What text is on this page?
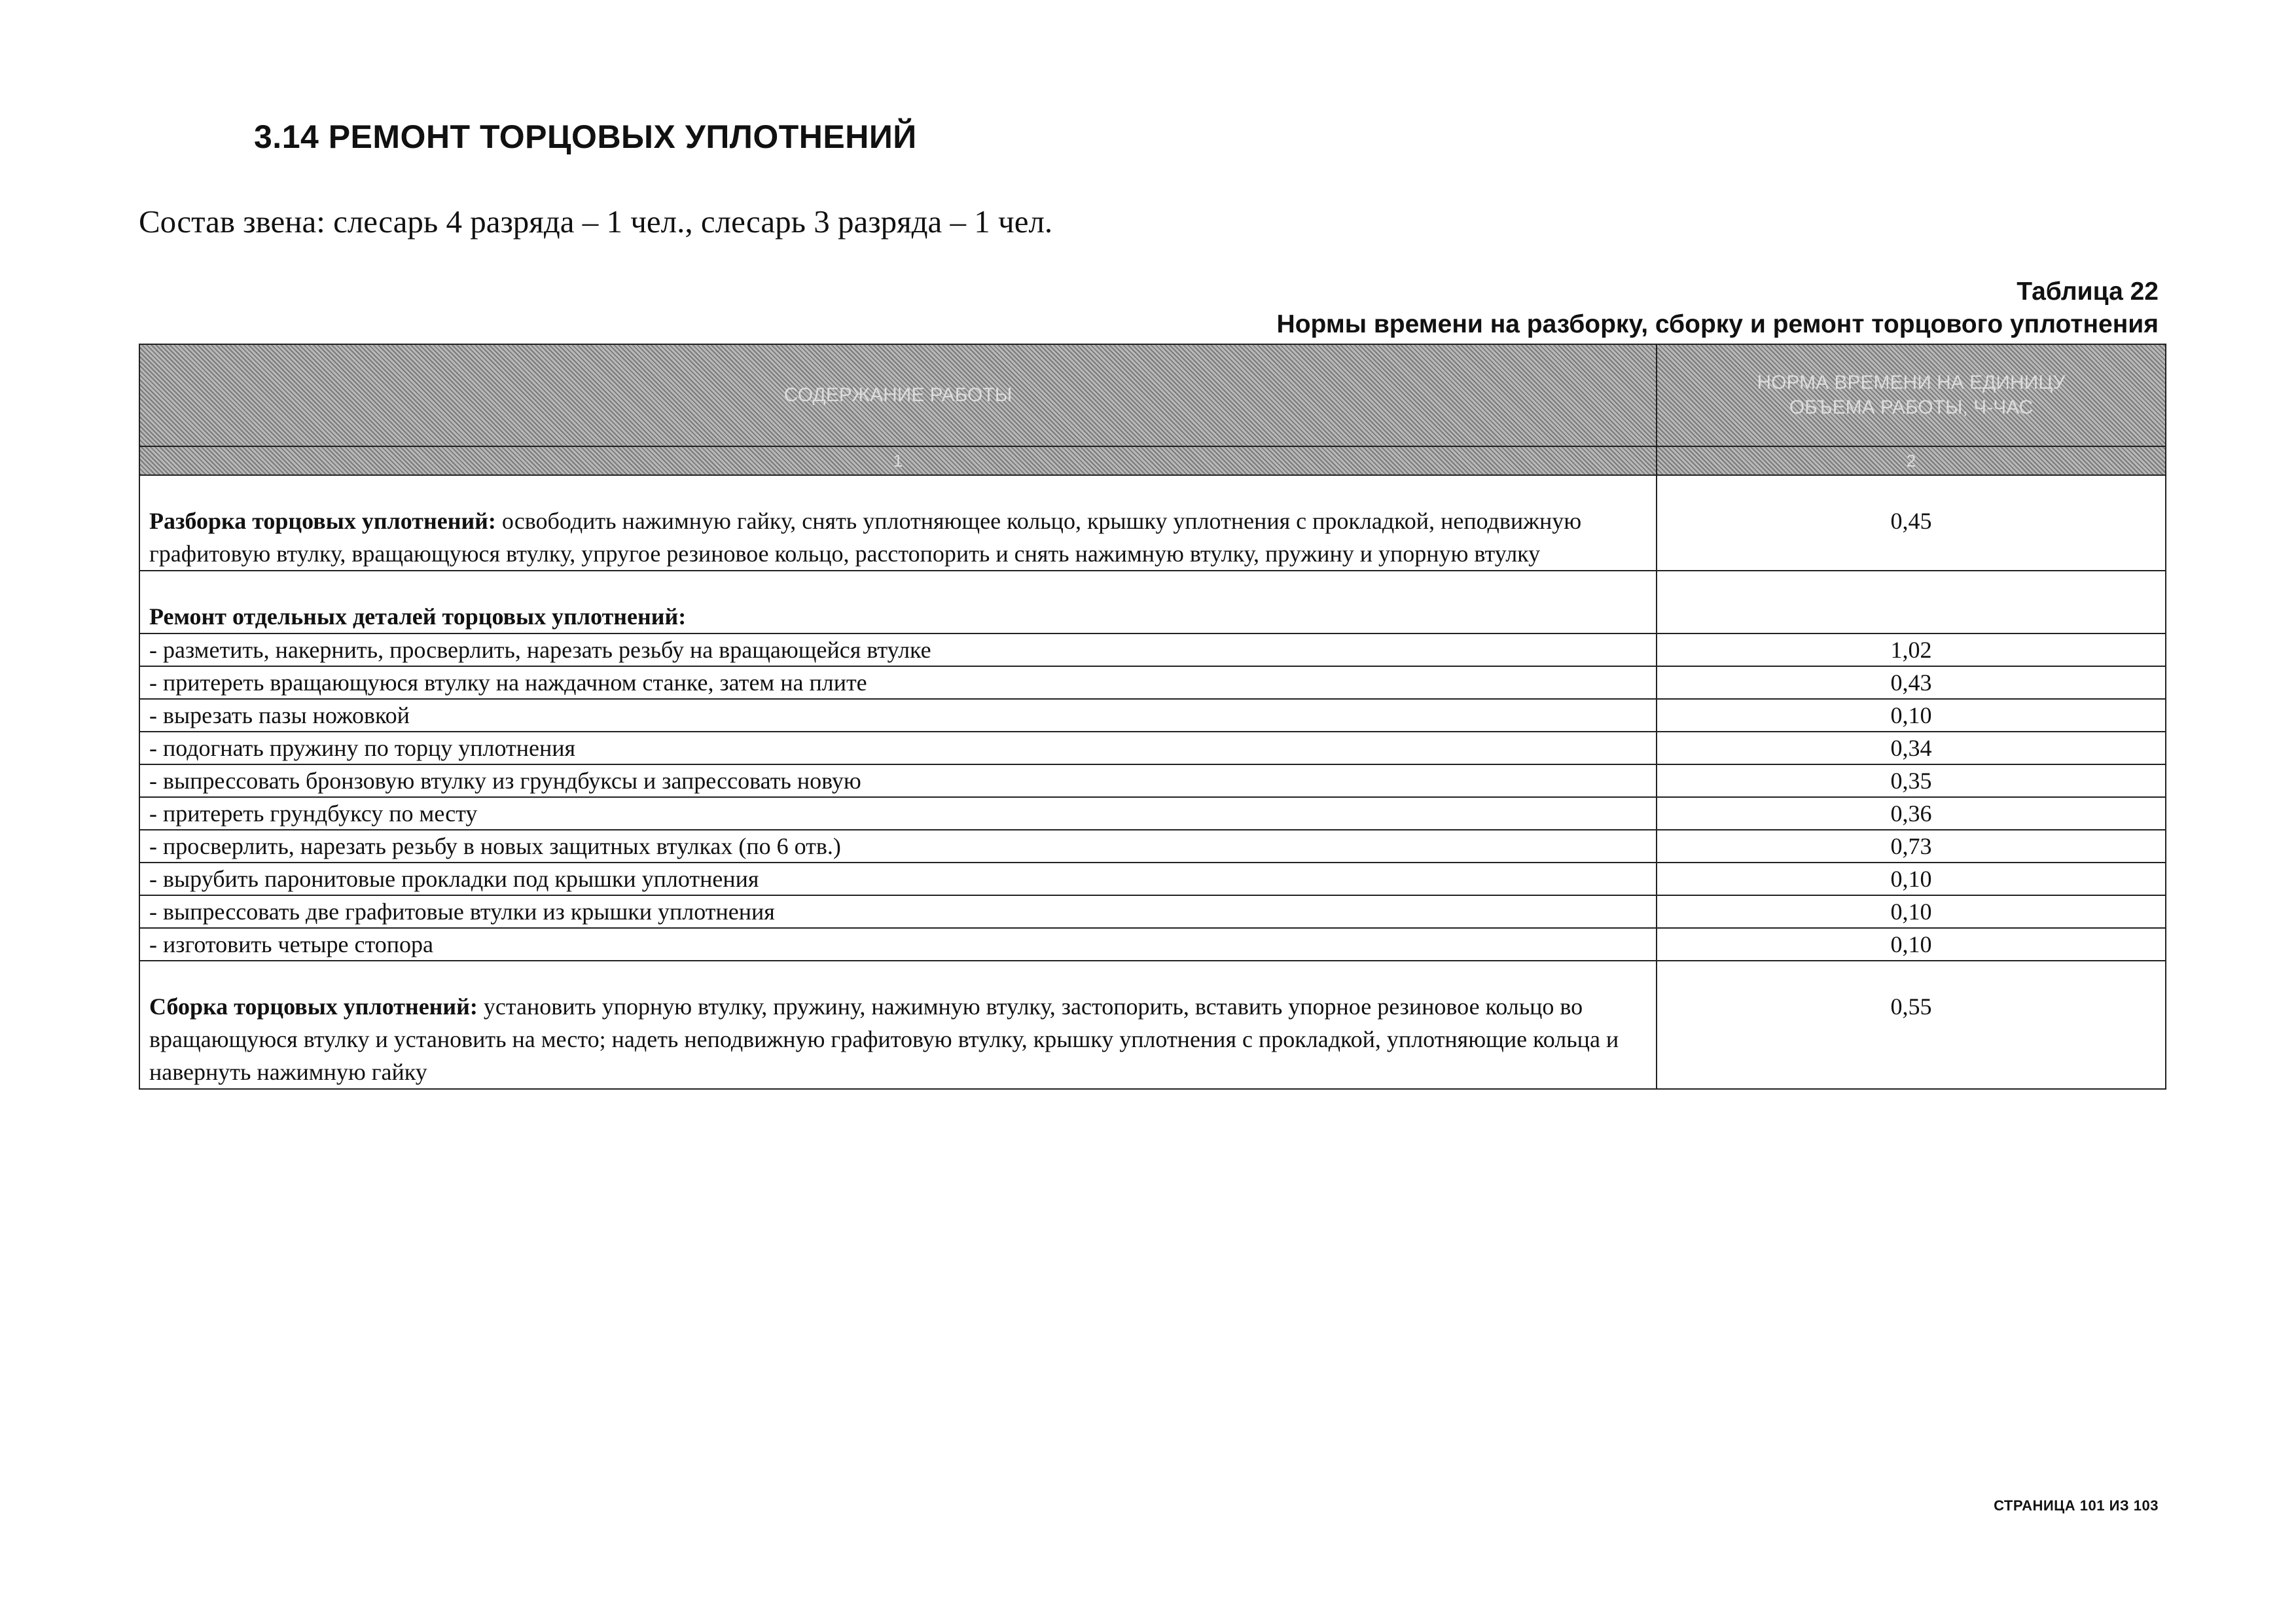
3.14 РЕМОНТ ТОРЦОВЫХ УПЛОТНЕНИЙ

Состав звена: слесарь 4 разряда – 1 чел., слесарь 3 разряда – 1 чел.

Таблица 22
Нормы времени на разборку, сборку и ремонт торцового уплотнения
СОДЕРЖАНИЕ РАБОТЫ	НОРМА ВРЕМЕНИ НА ЕДИНИЦУ
ОБЪЕМА РАБОТЫ, Ч-ЧАС
1	2
Разборка торцовых уплотнений: освободить нажимную гайку, снять уплотняющее кольцо, крышку уплотнения с прокладкой, неподвижную графитовую втулку, вращающуюся втулку, упругое резиновое кольцо, расстопорить и снять нажимную втулку, пружину и упорную втулку	0,45
Ремонт отдельных деталей торцовых уплотнений:	
- разметить, накернить, просверлить, нарезать резьбу на вращающейся втулке	1,02
- притереть вращающуюся втулку на наждачном станке, затем на плите	0,43
- вырезать пазы ножовкой	0,10
- подогнать пружину по торцу уплотнения	0,34
- выпрессовать бронзовую втулку из грундбуксы и запрессовать новую	0,35
- притереть грундбуксу по месту	0,36
- просверлить, нарезать резьбу в новых защитных втулках (по 6 отв.)	0,73
- вырубить паронитовые прокладки под крышки уплотнения	0,10
- выпрессовать две графитовые втулки из крышки уплотнения	0,10
- изготовить четыре стопора	0,10
Сборка торцовых уплотнений: установить упорную втулку, пружину, нажимную втулку, застопорить, вставить упорное резиновое кольцо во вращающуюся втулку и установить на место; надеть неподвижную графитовую втулку, крышку уплотнения с прокладкой, уплотняющие кольца и навернуть нажимную гайку	0,55
СТРАНИЦА 101 ИЗ 103
